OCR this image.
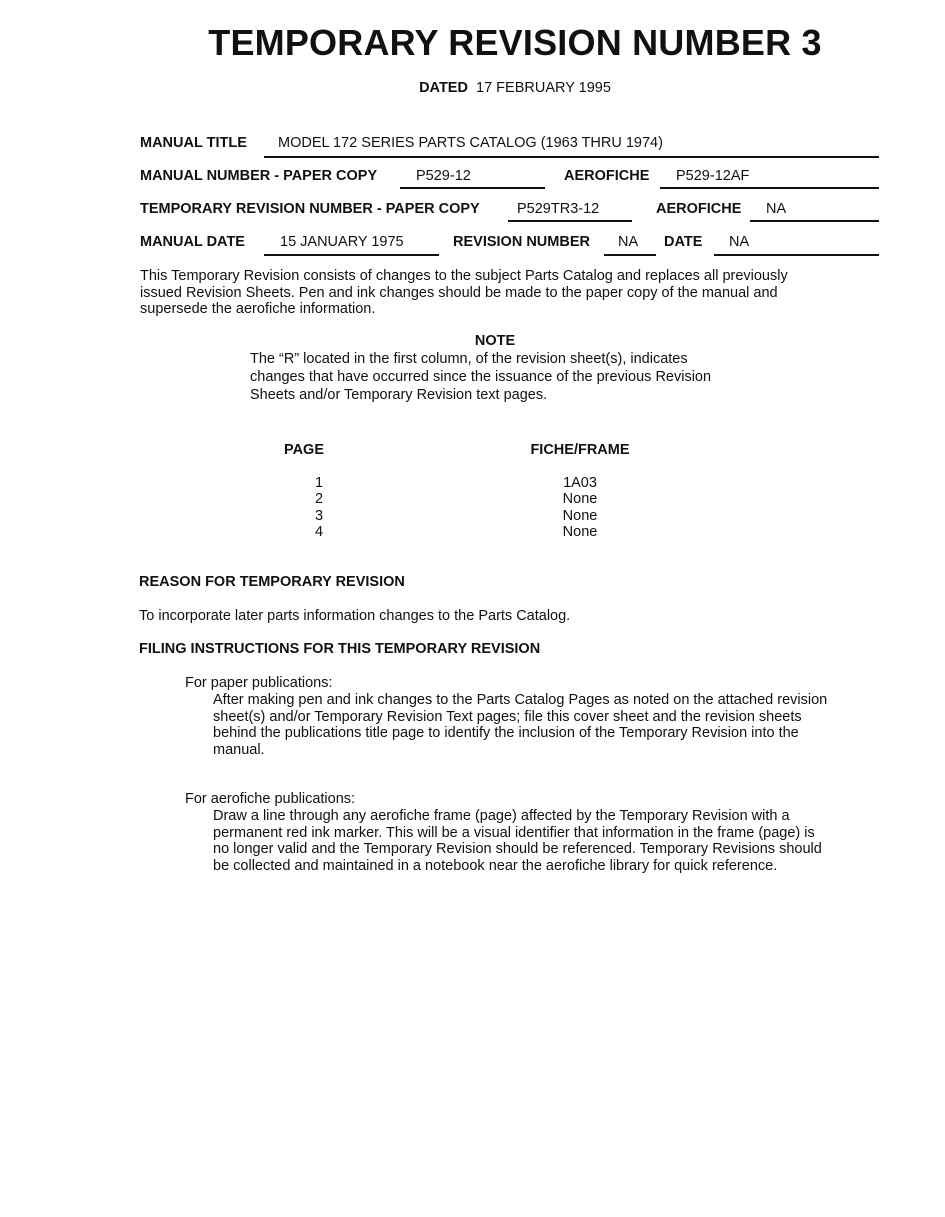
TEMPORARY REVISION NUMBER 3
DATED 17 FEBRUARY 1995
MANUAL TITLE MODEL 172 SERIES PARTS CATALOG (1963 THRU 1974)
MANUAL NUMBER - PAPER COPY	P529-12	AEROFICHE P529-12AF
TEMPORARY REVISION NUMBER - PAPER COPY	P529TR3-12	AEROFICHE NA
MANUAL DATE 15 JANUARY 1975	REVISION NUMBER NA DATE NA
This Temporary Revision consists of changes to the subject Parts Catalog and replaces all previously
issued Revision Sheets. Pen and ink changes should be made to the paper copy of the manual and
supersede the aerofiche information.
NOTE
The “R” located in the first column, of the revision sheet(s), indicates
changes that have occurred since the issuance of the previous Revision
Sheets and/or Temporary Revision text pages.
PAGE	FICHE/FRAME
1	1A03
2	None
3	None
4	None
REASON FOR TEMPORARY REVISION
To incorporate later parts information changes to the Parts Catalog.
FILING INSTRUCTIONS FOR THIS TEMPORARY REVISION
For paper publications:
After making pen and ink changes to the Parts Catalog Pages as noted on the attached revision
sheet(s) and/or Temporary Revision Text pages; file this cover sheet and the revision sheets
behind the publications title page to identify the inclusion of the Temporary Revision into the
manual.
For aerofiche publications:
Draw a line through any aerofiche frame (page) affected by the Temporary Revision with a
permanent red ink marker. This will be a visual identifier that information in the frame (page) is
no longer valid and the Temporary Revision should be referenced. Temporary Revisions should
be collected and maintained in a notebook near the aerofiche library for quick reference.
